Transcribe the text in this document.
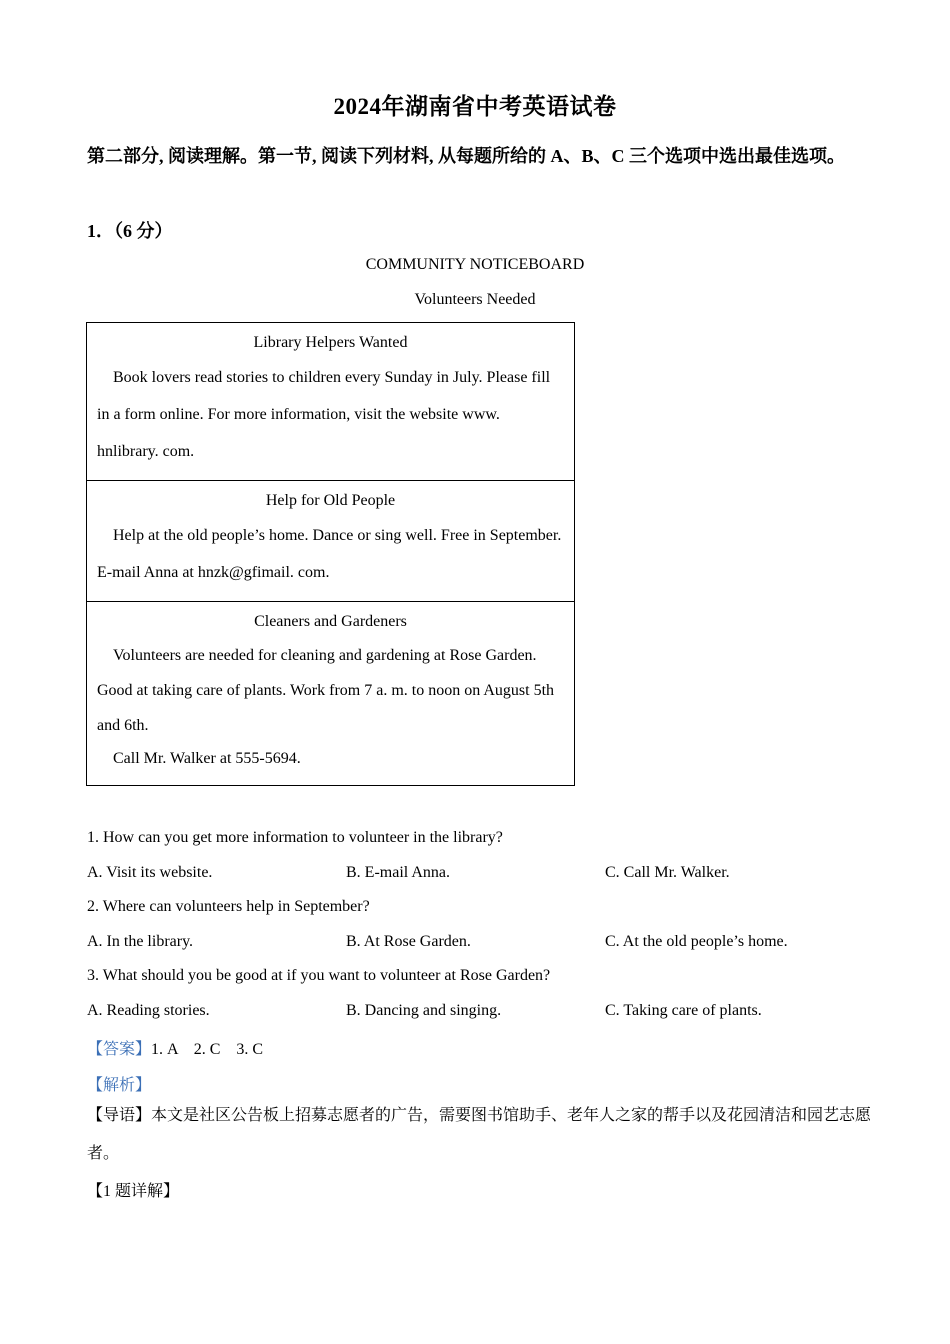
2024年湖南省中考英语试卷
第二部分, 阅读理解。第一节, 阅读下列材料, 从每题所给的 A、B、C 三个选项中选出最佳选项。
1．（6 分）
COMMUNITY NOTICEBOARD
Volunteers Needed
Library Helpers Wanted
Book lovers read stories to children every Sunday in July. Please fill in a form online. For more information, visit the website www. hnlibrary. com.

Help for Old People
Help at the old people’s home. Dance or sing well. Free in September. E-mail Anna at hnzk@gfimail. com.

Cleaners and Gardeners
Volunteers are needed for cleaning and gardening at Rose Garden. Good at taking care of plants. Work from 7 a. m. to noon on August 5th and 6th.
Call Mr. Walker at 555-5694.
1. How can you get more information to volunteer in the library?
A. Visit its website.	B. E-mail Anna.	C. Call Mr. Walker.
2. Where can volunteers help in September?
A. In the library.	B. At Rose Garden.	C. At the old people’s home.
3. What should you be good at if you want to volunteer at Rose Garden?
A. Reading stories.	B. Dancing and singing.	C. Taking care of plants.
【答案】1. A　2. C　3. C
【解析】
【导语】本文是社区公告板上招募志愿者的广告，需要图书馆助手、老年人之家的帮手以及花园清洁和园艺志愿者。
【1 题详解】
